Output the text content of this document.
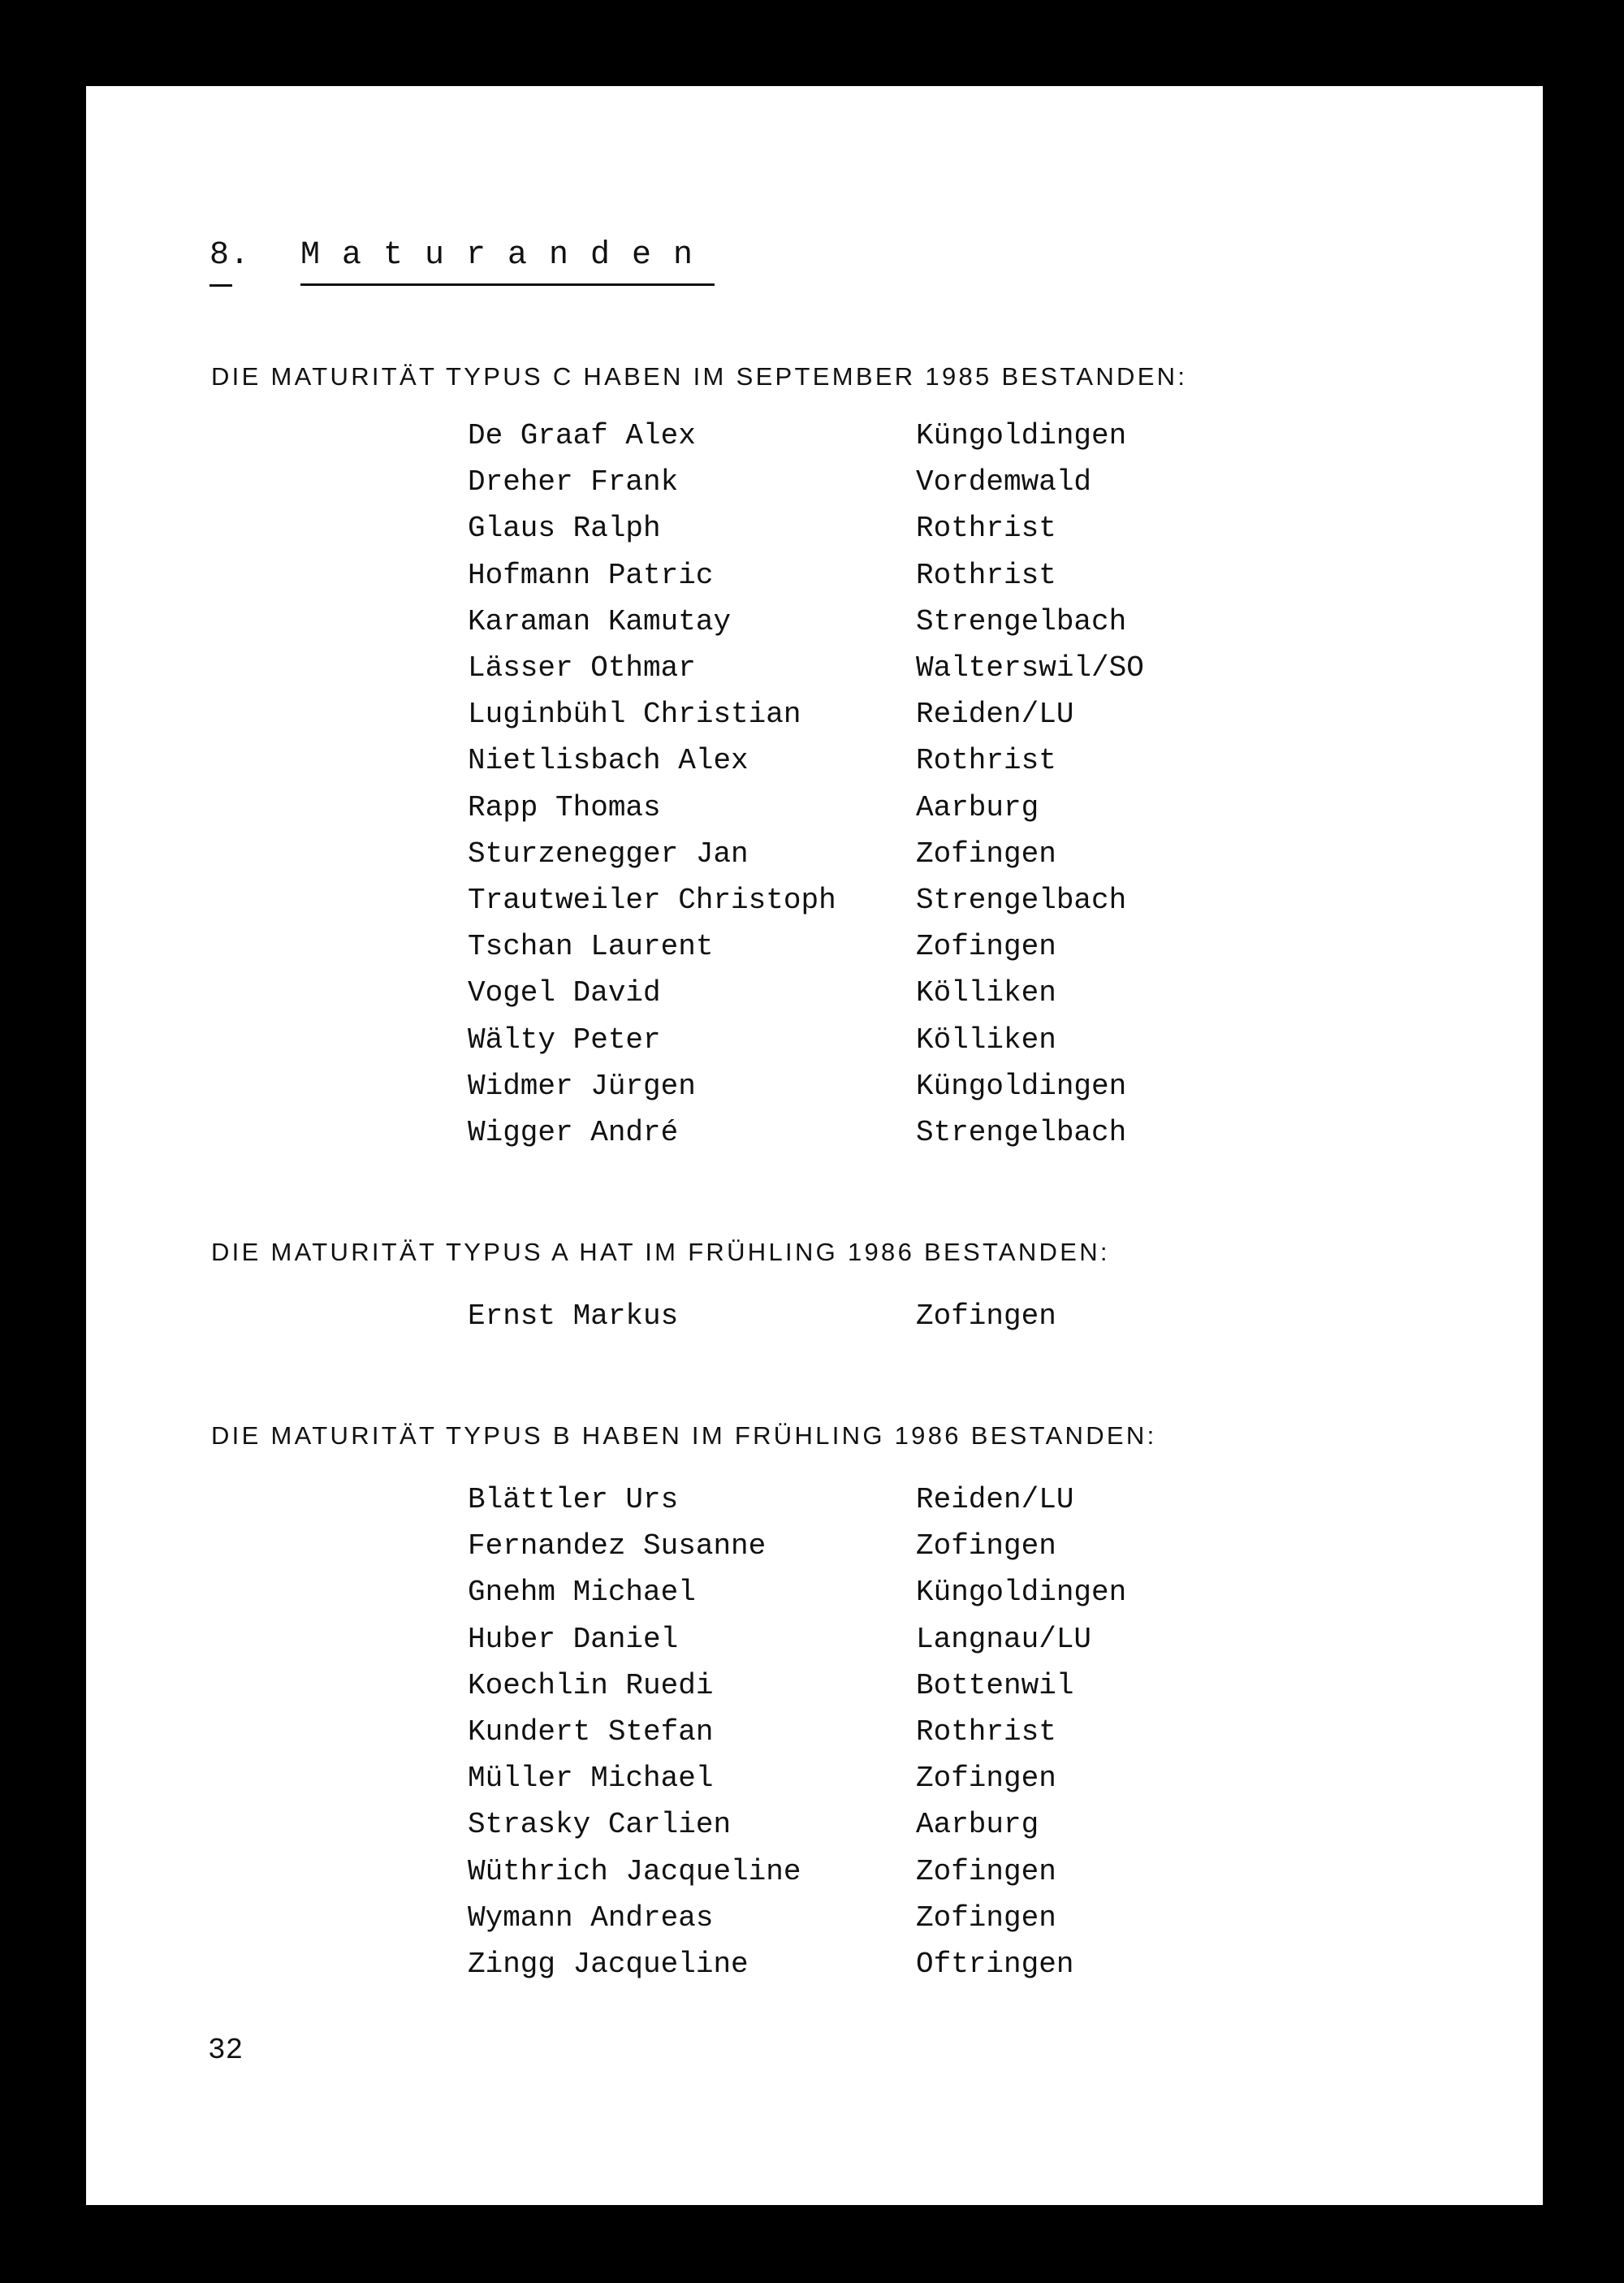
8.

Maturanden

DIE MATURITÄT TYPUS C HABEN IM SEPTEMBER 1985 BESTANDEN:
De Graaf Alex	Küngoldingen
Dreher Frank	Vordemwald
Glaus Ralph	Rothrist
Hofmann Patric	Rothrist
Karaman Kamutay	Strengelbach
Lässer Othmar	Walterswil/SO
Luginbühl Christian	Reiden/LU
Nietlisbach Alex	Rothrist
Rapp Thomas	Aarburg
Sturzenegger Jan	Zofingen
Trautweiler Christoph	Strengelbach
Tschan Laurent	Zofingen
Vogel David	Kölliken
Wälty Peter	Kölliken
Widmer Jürgen	Küngoldingen
Wigger André	Strengelbach
DIE MATURITÄT TYPUS A HAT IM FRÜHLING 1986 BESTANDEN:
Ernst Markus	Zofingen
DIE MATURITÄT TYPUS B HABEN IM FRÜHLING 1986 BESTANDEN:
Blättler Urs	Reiden/LU
Fernandez Susanne	Zofingen
Gnehm Michael	Küngoldingen
Huber Daniel	Langnau/LU
Koechlin Ruedi	Bottenwil
Kundert Stefan	Rothrist
Müller Michael	Zofingen
Strasky Carlien	Aarburg
Wüthrich Jacqueline	Zofingen
Wymann Andreas	Zofingen
Zingg Jacqueline	Oftringen
32
